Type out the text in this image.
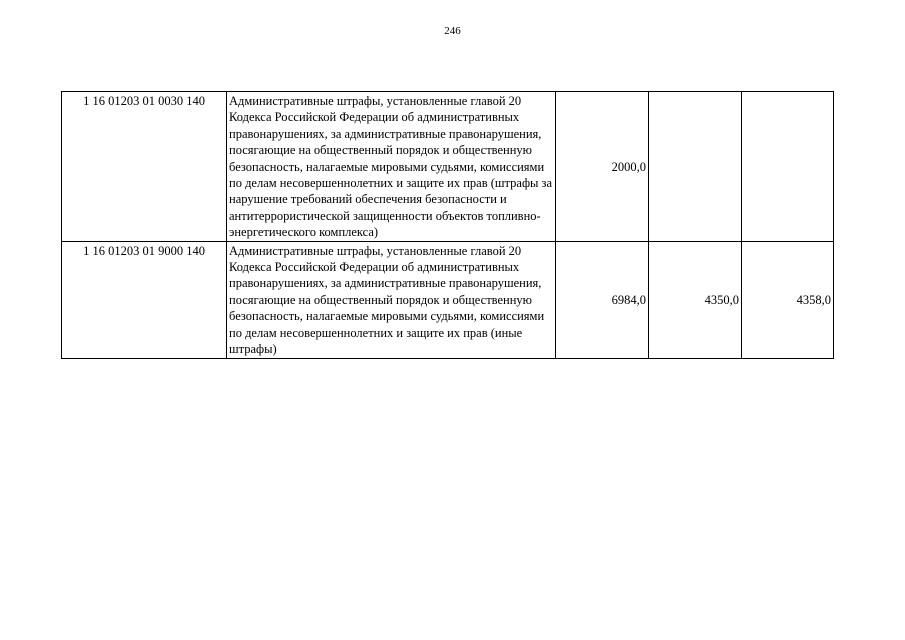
246
1 16 01203 01 0030 140	Административные штрафы, установленные главой 20 Кодекса Российской Федерации об административных правонарушениях, за административные правонарушения, посягающие на общественный порядок и общественную безопасность, налагаемые мировыми судьями, комиссиями по делам несовершеннолетних и защите их прав (штрафы за нарушение требований обеспечения безопасности и антитеррористической защищенности объектов топливно-энергетического комплекса)	2000,0		
1 16 01203 01 9000 140	Административные штрафы, установленные главой 20 Кодекса Российской Федерации об административных правонарушениях, за административные правонарушения, посягающие на общественный порядок и общественную безопасность, налагаемые мировыми судьями, комиссиями по делам несовершеннолетних и защите их прав (иные штрафы)	6984,0	4350,0	4358,0
